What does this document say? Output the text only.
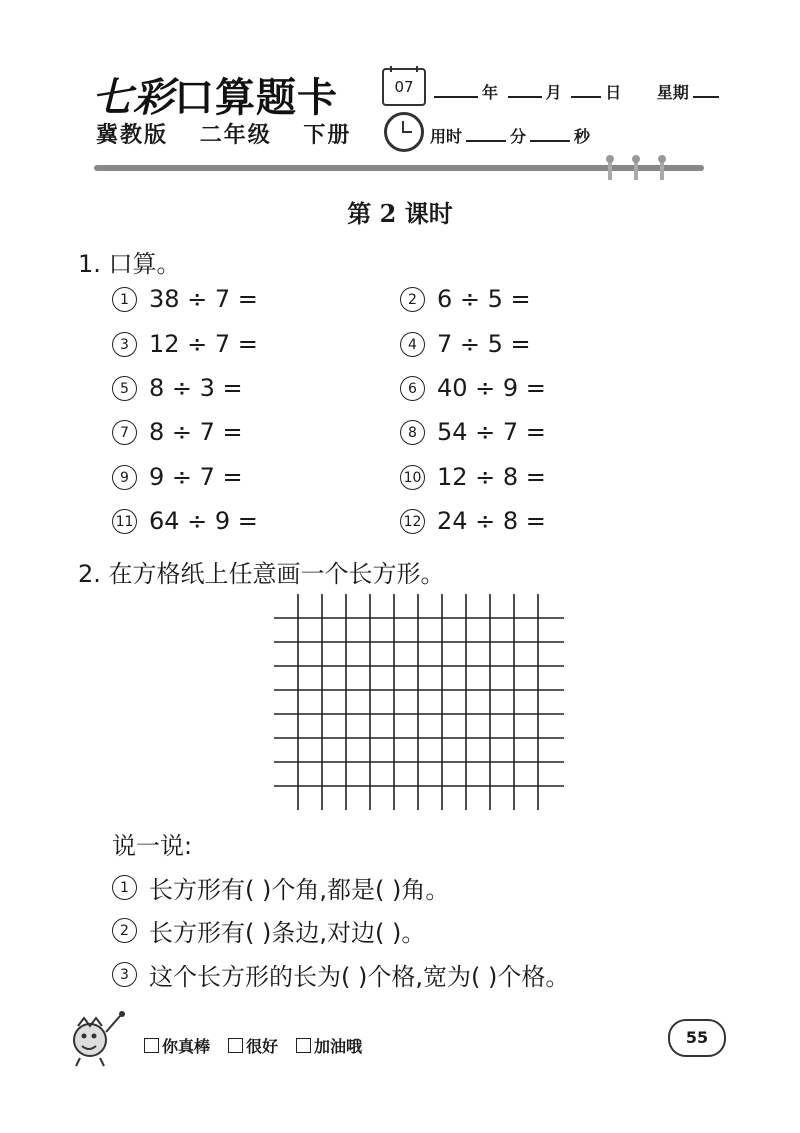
七彩口算题卡
冀教版 二年级 下册
07	年	月	日 星期
用时	分	秒
第 2 课时
1. 口算。
1 38 ÷ 7 =	2 6 ÷ 5 =
3 12 ÷ 7 =	4 7 ÷ 5 =
5 8 ÷ 3 =	6 40 ÷ 9 =
7 8 ÷ 7 =	8 54 ÷ 7 =
9 9 ÷ 7 =	10 12 ÷ 8 =
11 64 ÷ 9 =	12 24 ÷ 8 =
2. 在方格纸上任意画一个长方形。
说一说:
1 长方形有( )个角,都是( )角。
2 长方形有( )条边,对边( )。
3 这个长方形的长为( )个格,宽为( )个格。
你真棒 很好 加油哦	55
